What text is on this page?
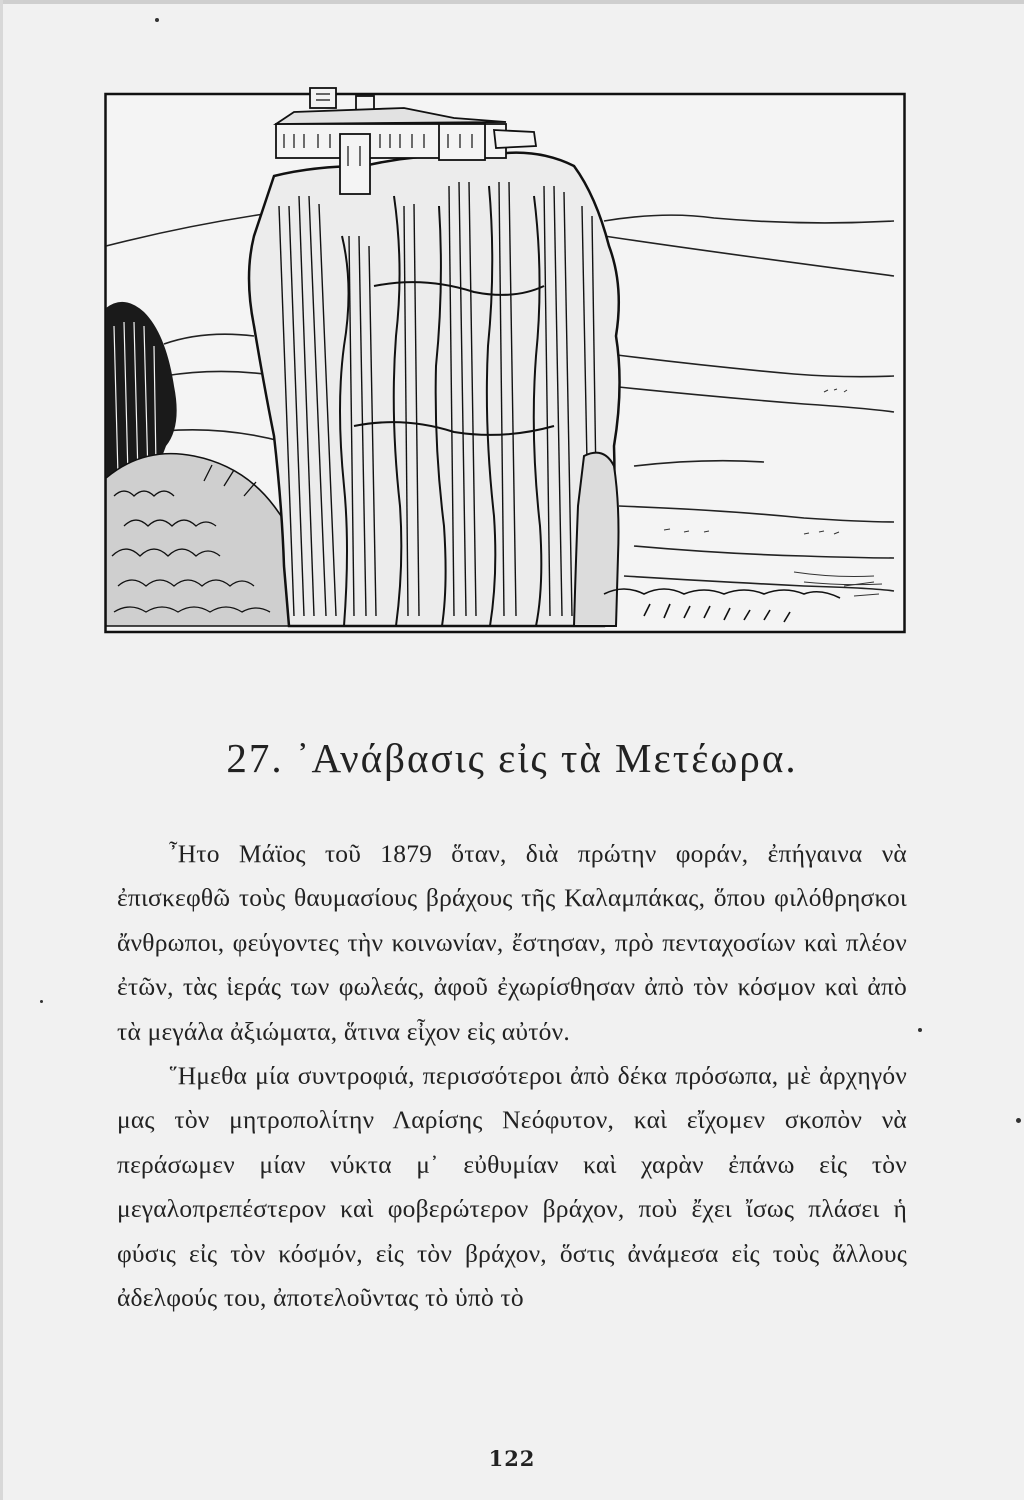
27. ᾿Ανάβασις εἰς τὰ Μετέωρα.

῏Ητο Μάϊος τοῦ 1879 ὅταν, διὰ πρώτην φοράν, ἐπήγαινα νὰ ἐπισκεφθῶ τοὺς θαυμασίους βράχους τῆς Καλαμπάκας, ὅπου φιλόθρησκοι ἄνθρωποι, φεύγοντες τὴν κοινωνίαν, ἔστησαν, πρὸ πενταχοσίων καὶ πλέον ἐτῶν, τὰς ἱεράς των φωλεάς, ἀφοῦ ἐχωρίσθησαν ἀπὸ τὸν κόσμον καὶ ἀπὸ τὰ μεγάλα ἀξιώματα, ἅτινα εἶχον εἰς αὐτόν.

῞Ημεθα μία συντροφιά, περισσότεροι ἀπὸ δέκα πρόσωπα, μὲ ἀρχηγόν μας τὸν μητροπολίτην Λαρίσης Νεόφυτον, καὶ εἴχομεν σκοπὸν νὰ περάσωμεν μίαν νύκτα μ᾿ εὐθυμίαν καὶ χαρὰν ἐπάνω εἰς τὸν μεγαλοπρεπέστερον καὶ φοβερώτερον βράχον, ποὺ ἔχει ἴσως πλάσει ἡ φύσις εἰς τὸν κόσμόν, εἰς τὸν βράχον, ὅστις ἀνάμεσα εἰς τοὺς ἄλλους ἀδελφούς του, ἀποτελοῦντας τὸ ὑπὸ τὸ

122
